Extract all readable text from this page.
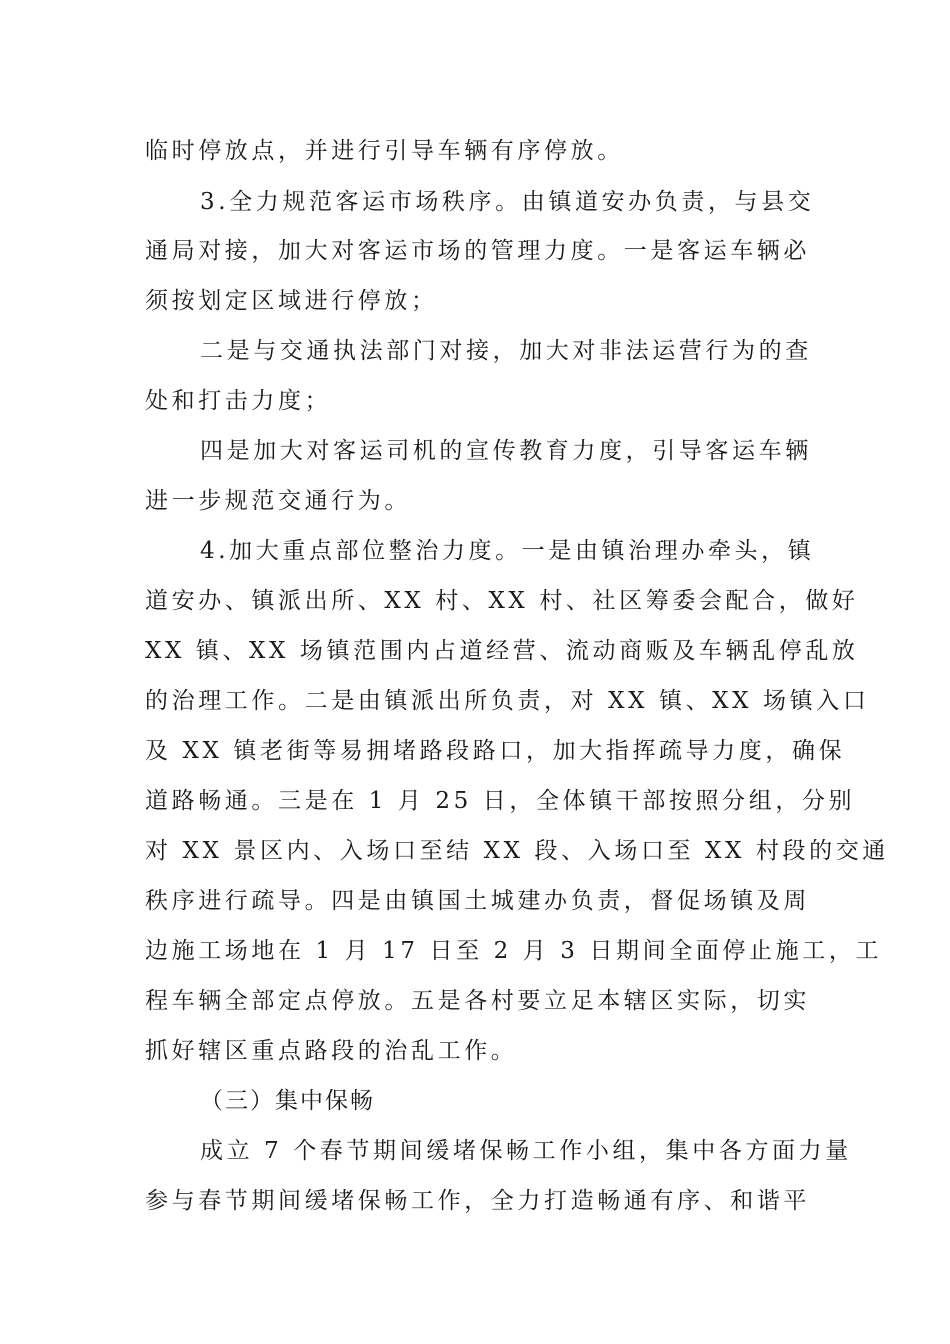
临时停放点，并进行引导车辆有序停放。
3.全力规范客运市场秩序。由镇道安办负责，与县交
通局对接，加大对客运市场的管理力度。一是客运车辆必
须按划定区域进行停放；
二是与交通执法部门对接，加大对非法运营行为的查
处和打击力度；
四是加大对客运司机的宣传教育力度，引导客运车辆
进一步规范交通行为。
4.加大重点部位整治力度。一是由镇治理办牵头，镇
道安办、镇派出所、XX 村、XX 村、社区筹委会配合，做好
XX 镇、XX 场镇范围内占道经营、流动商贩及车辆乱停乱放
的治理工作。二是由镇派出所负责，对 XX 镇、XX 场镇入口
及 XX 镇老街等易拥堵路段路口，加大指挥疏导力度，确保
道路畅通。三是在 1 月 25 日，全体镇干部按照分组，分别
对 XX 景区内、入场口至结 XX 段、入场口至 XX 村段的交通
秩序进行疏导。四是由镇国土城建办负责，督促场镇及周
边施工场地在 1 月 17 日至 2 月 3 日期间全面停止施工，工
程车辆全部定点停放。五是各村要立足本辖区实际，切实
抓好辖区重点路段的治乱工作。
（三）集中保畅
成立 7 个春节期间缓堵保畅工作小组，集中各方面力量
参与春节期间缓堵保畅工作，全力打造畅通有序、和谐平
